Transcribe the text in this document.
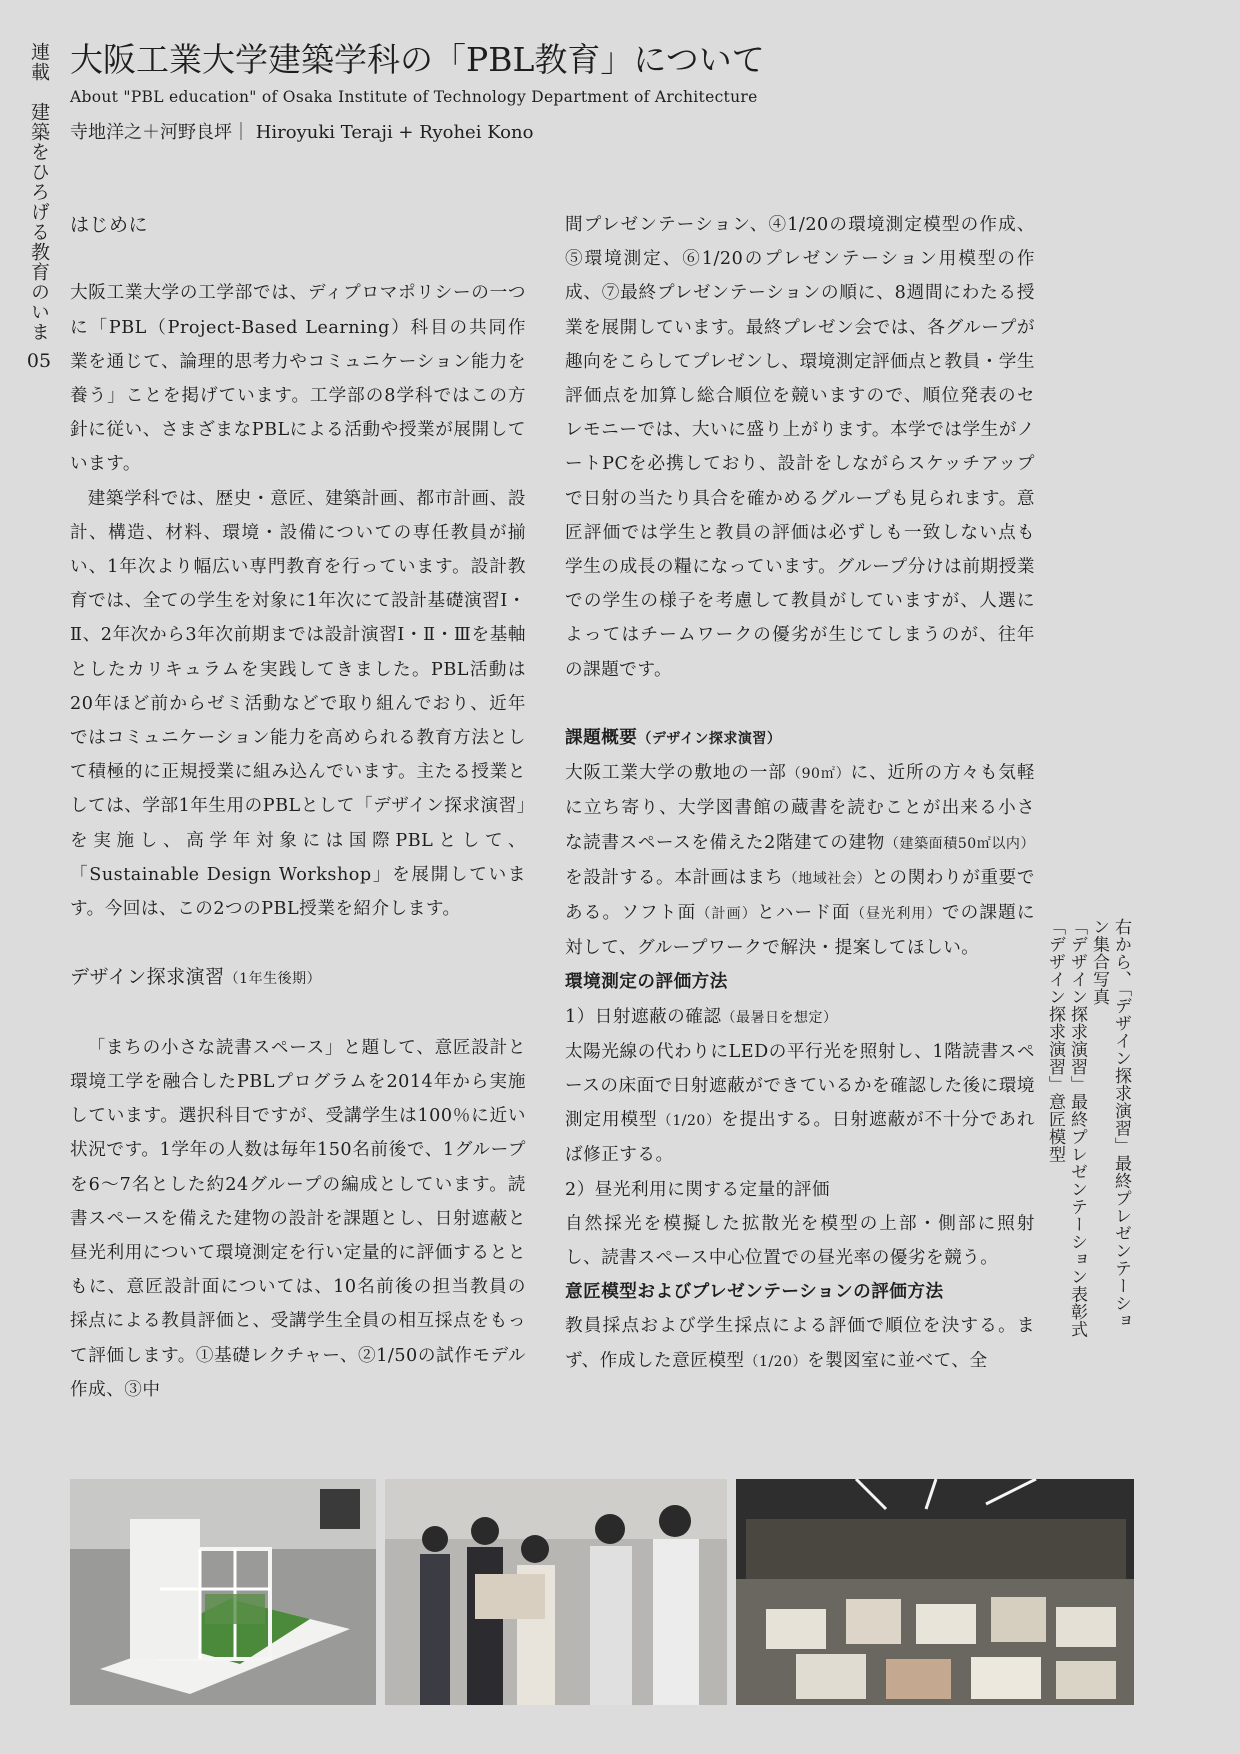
連載　建築をひろげる教育のいま
05
大阪工業大学建築学科の「PBL教育」について
About "PBL education" of Osaka Institute of Technology Department of Architecture
寺地洋之＋河野良坪｜ Hiroyuki Teraji + Ryohei Kono

はじめに

大阪工業大学の工学部では、ディプロマポリシーの一つに「PBL（Project-Based Learning）科目の共同作業を通じて、論理的思考力やコミュニケーション能力を養う」ことを掲げています。工学部の8学科ではこの方針に従い、さまざまなPBLによる活動や授業が展開しています。

建築学科では、歴史・意匠、建築計画、都市計画、設計、構造、材料、環境・設備についての専任教員が揃い、1年次より幅広い専門教育を行っています。設計教育では、全ての学生を対象に1年次にて設計基礎演習Ⅰ・Ⅱ、2年次から3年次前期までは設計演習Ⅰ・Ⅱ・Ⅲを基軸としたカリキュラムを実践してきました。PBL活動は20年ほど前からゼミ活動などで取り組んでおり、近年ではコミュニケーション能力を高められる教育方法として積極的に正規授業に組み込んでいます。主たる授業としては、学部1年生用のPBLとして「デザイン探求演習」を実施し、高学年対象には国際PBLとして、「Sustainable Design Workshop」を展開しています。今回は、この2つのPBL授業を紹介します。

デザイン探求演習（1年生後期）

「まちの小さな読書スペース」と題して、意匠設計と環境工学を融合したPBLプログラムを2014年から実施しています。選択科目ですが、受講学生は100％に近い状況です。1学年の人数は毎年150名前後で、1グループを6〜7名とした約24グループの編成としています。読書スペースを備えた建物の設計を課題とし、日射遮蔽と昼光利用について環境測定を行い定量的に評価するとともに、意匠設計面については、10名前後の担当教員の採点による教員評価と、受講学生全員の相互採点をもって評価します。①基礎レクチャー、②1/50の試作モデル作成、③中

間プレゼンテーション、④1/20の環境測定模型の作成、⑤環境測定、⑥1/20のプレゼンテーション用模型の作成、⑦最終プレゼンテーションの順に、8週間にわたる授業を展開しています。最終プレゼン会では、各グループが趣向をこらしてプレゼンし、環境測定評価点と教員・学生評価点を加算し総合順位を競いますので、順位発表のセレモニーでは、大いに盛り上がります。本学では学生がノートPCを必携しており、設計をしながらスケッチアップで日射の当たり具合を確かめるグループも見られます。意匠評価では学生と教員の評価は必ずしも一致しない点も学生の成長の糧になっています。グループ分けは前期授業での学生の様子を考慮して教員がしていますが、人選によってはチームワークの優劣が生じてしまうのが、往年の課題です。

課題概要（デザイン探求演習）

大阪工業大学の敷地の一部（90㎡）に、近所の方々も気軽に立ち寄り、大学図書館の蔵書を読むことが出来る小さな読書スペースを備えた2階建ての建物（建築面積50㎡以内）を設計する。本計画はまち（地域社会）との関わりが重要である。ソフト面（計画）とハード面（昼光利用）での課題に対して、グループワークで解決・提案してほしい。

環境測定の評価方法

1）日射遮蔽の確認（最暑日を想定）

太陽光線の代わりにLEDの平行光を照射し、1階読書スペースの床面で日射遮蔽ができているかを確認した後に環境測定用模型（1/20）を提出する。日射遮蔽が不十分であれば修正する。

2）昼光利用に関する定量的評価

自然採光を模擬した拡散光を模型の上部・側部に照射し、読書スペース中心位置での昼光率の優劣を競う。

意匠模型およびプレゼンテーションの評価方法

教員採点および学生採点による評価で順位を決する。まず、作成した意匠模型（1/20）を製図室に並べて、全

右から、「デザイン探求演習」最終プレゼンテーション集合写真
「デザイン探求演習」最終プレゼンテーション表彰式
「デザイン探求演習」意匠模型
